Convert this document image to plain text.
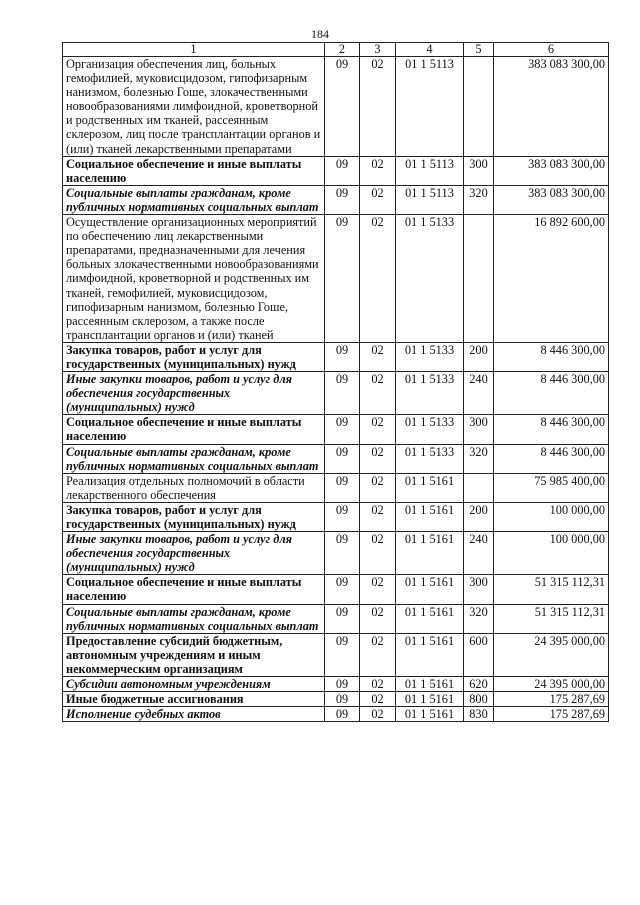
184
1	2	3	4	5	6
Организация обеспечения лиц, больных гемофилией, муковисцидозом, гипофизарным нанизмом, болезнью Гоше, злокачественными новообразованиями лимфоидной, кроветворной и родственных им тканей, рассеянным склерозом, лиц после трансплантации органов и (или) тканей лекарственными препаратами	09	02	01 1 5113		383 083 300,00
Социальное обеспечение и иные выплаты населению	09	02	01 1 5113	300	383 083 300,00
Социальные выплаты гражданам, кроме публичных нормативных социальных выплат	09	02	01 1 5113	320	383 083 300,00
Осуществление организационных мероприятий по обеспечению лиц лекарственными препаратами, предназначенными для лечения больных злокачественными новообразованиями лимфоидной, кроветворной и родственных им тканей, гемофилией, муковисцидозом, гипофизарным нанизмом, болезнью Гоше, рассеянным склерозом, а также после трансплантации органов и (или) тканей	09	02	01 1 5133		16 892 600,00
Закупка товаров, работ и услуг для государственных (муниципальных) нужд	09	02	01 1 5133	200	8 446 300,00
Иные закупки товаров, работ и услуг для обеспечения государственных (муниципальных) нужд	09	02	01 1 5133	240	8 446 300,00
Социальное обеспечение и иные выплаты населению	09	02	01 1 5133	300	8 446 300,00
Социальные выплаты гражданам, кроме публичных нормативных социальных выплат	09	02	01 1 5133	320	8 446 300,00
Реализация отдельных полномочий в области лекарственного обеспечения	09	02	01 1 5161		75 985 400,00
Закупка товаров, работ и услуг для государственных (муниципальных) нужд	09	02	01 1 5161	200	100 000,00
Иные закупки товаров, работ и услуг для обеспечения государственных (муниципальных) нужд	09	02	01 1 5161	240	100 000,00
Социальное обеспечение и иные выплаты населению	09	02	01 1 5161	300	51 315 112,31
Социальные выплаты гражданам, кроме публичных нормативных социальных выплат	09	02	01 1 5161	320	51 315 112,31
Предоставление субсидий бюджетным, автономным учреждениям и иным некоммерческим организациям	09	02	01 1 5161	600	24 395 000,00
Субсидии автономным учреждениям	09	02	01 1 5161	620	24 395 000,00
Иные бюджетные ассигнования	09	02	01 1 5161	800	175 287,69
Исполнение судебных актов	09	02	01 1 5161	830	175 287,69
